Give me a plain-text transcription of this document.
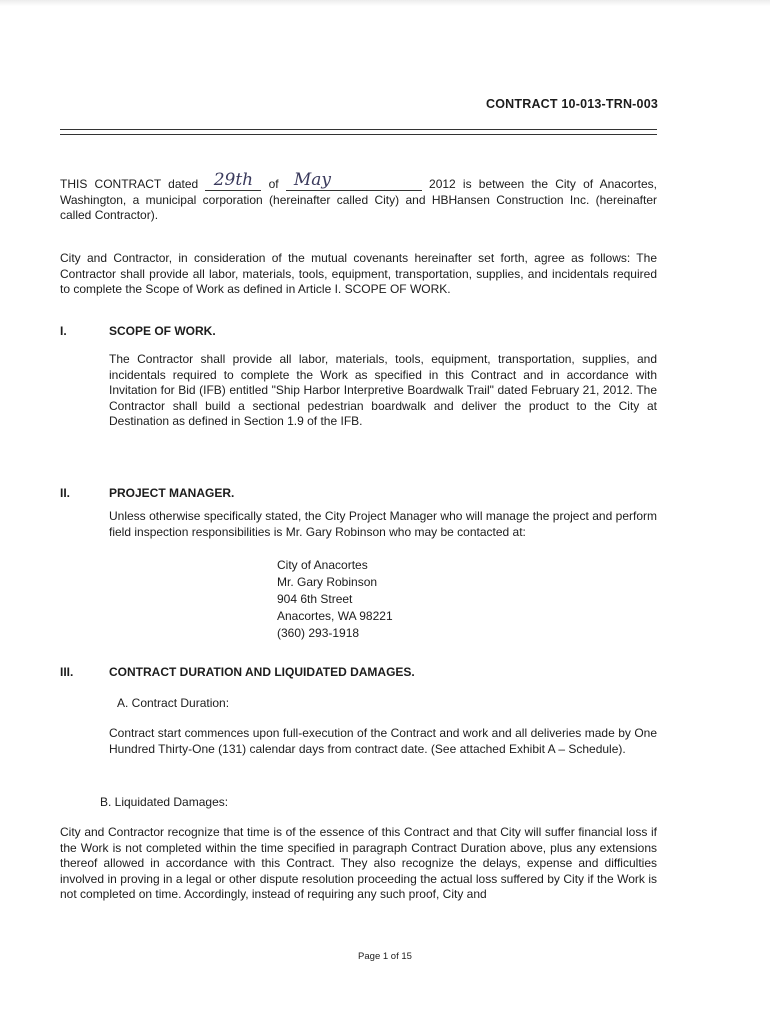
CONTRACT 10-013-TRN-003

THIS CONTRACT dated 29th of May	2012 is between the City of Anacortes, Washington, a municipal corporation (hereinafter called City) and HBHansen Construction Inc. (hereinafter called Contractor).

City and Contractor, in consideration of the mutual covenants hereinafter set forth, agree as follows: The Contractor shall provide all labor, materials, tools, equipment, transportation, supplies, and incidentals required to complete the Scope of Work as defined in Article I. SCOPE OF WORK.

I.	SCOPE OF WORK.

The Contractor shall provide all labor, materials, tools, equipment, transportation, supplies, and incidentals required to complete the Work as specified in this Contract and in accordance with Invitation for Bid (IFB) entitled "Ship Harbor Interpretive Boardwalk Trail" dated February 21, 2012. The Contractor shall build a sectional pedestrian boardwalk and deliver the product to the City at Destination as defined in Section 1.9 of the IFB.

II.	PROJECT MANAGER.

Unless otherwise specifically stated, the City Project Manager who will manage the project and perform field inspection responsibilities is Mr. Gary Robinson who may be contacted at:

City of Anacortes
Mr. Gary Robinson
904 6th Street
Anacortes, WA 98221
(360) 293-1918
III.	CONTRACT DURATION AND LIQUIDATED DAMAGES.
A. Contract Duration:

Contract start commences upon full-execution of the Contract and work and all deliveries made by One Hundred Thirty-One (131) calendar days from contract date. (See attached Exhibit A – Schedule).

B. Liquidated Damages:

City and Contractor recognize that time is of the essence of this Contract and that City will suffer financial loss if the Work is not completed within the time specified in paragraph Contract Duration above, plus any extensions thereof allowed in accordance with this Contract. They also recognize the delays, expense and difficulties involved in proving in a legal or other dispute resolution proceeding the actual loss suffered by City if the Work is not completed on time. Accordingly, instead of requiring any such proof, City and

Page 1 of 15
